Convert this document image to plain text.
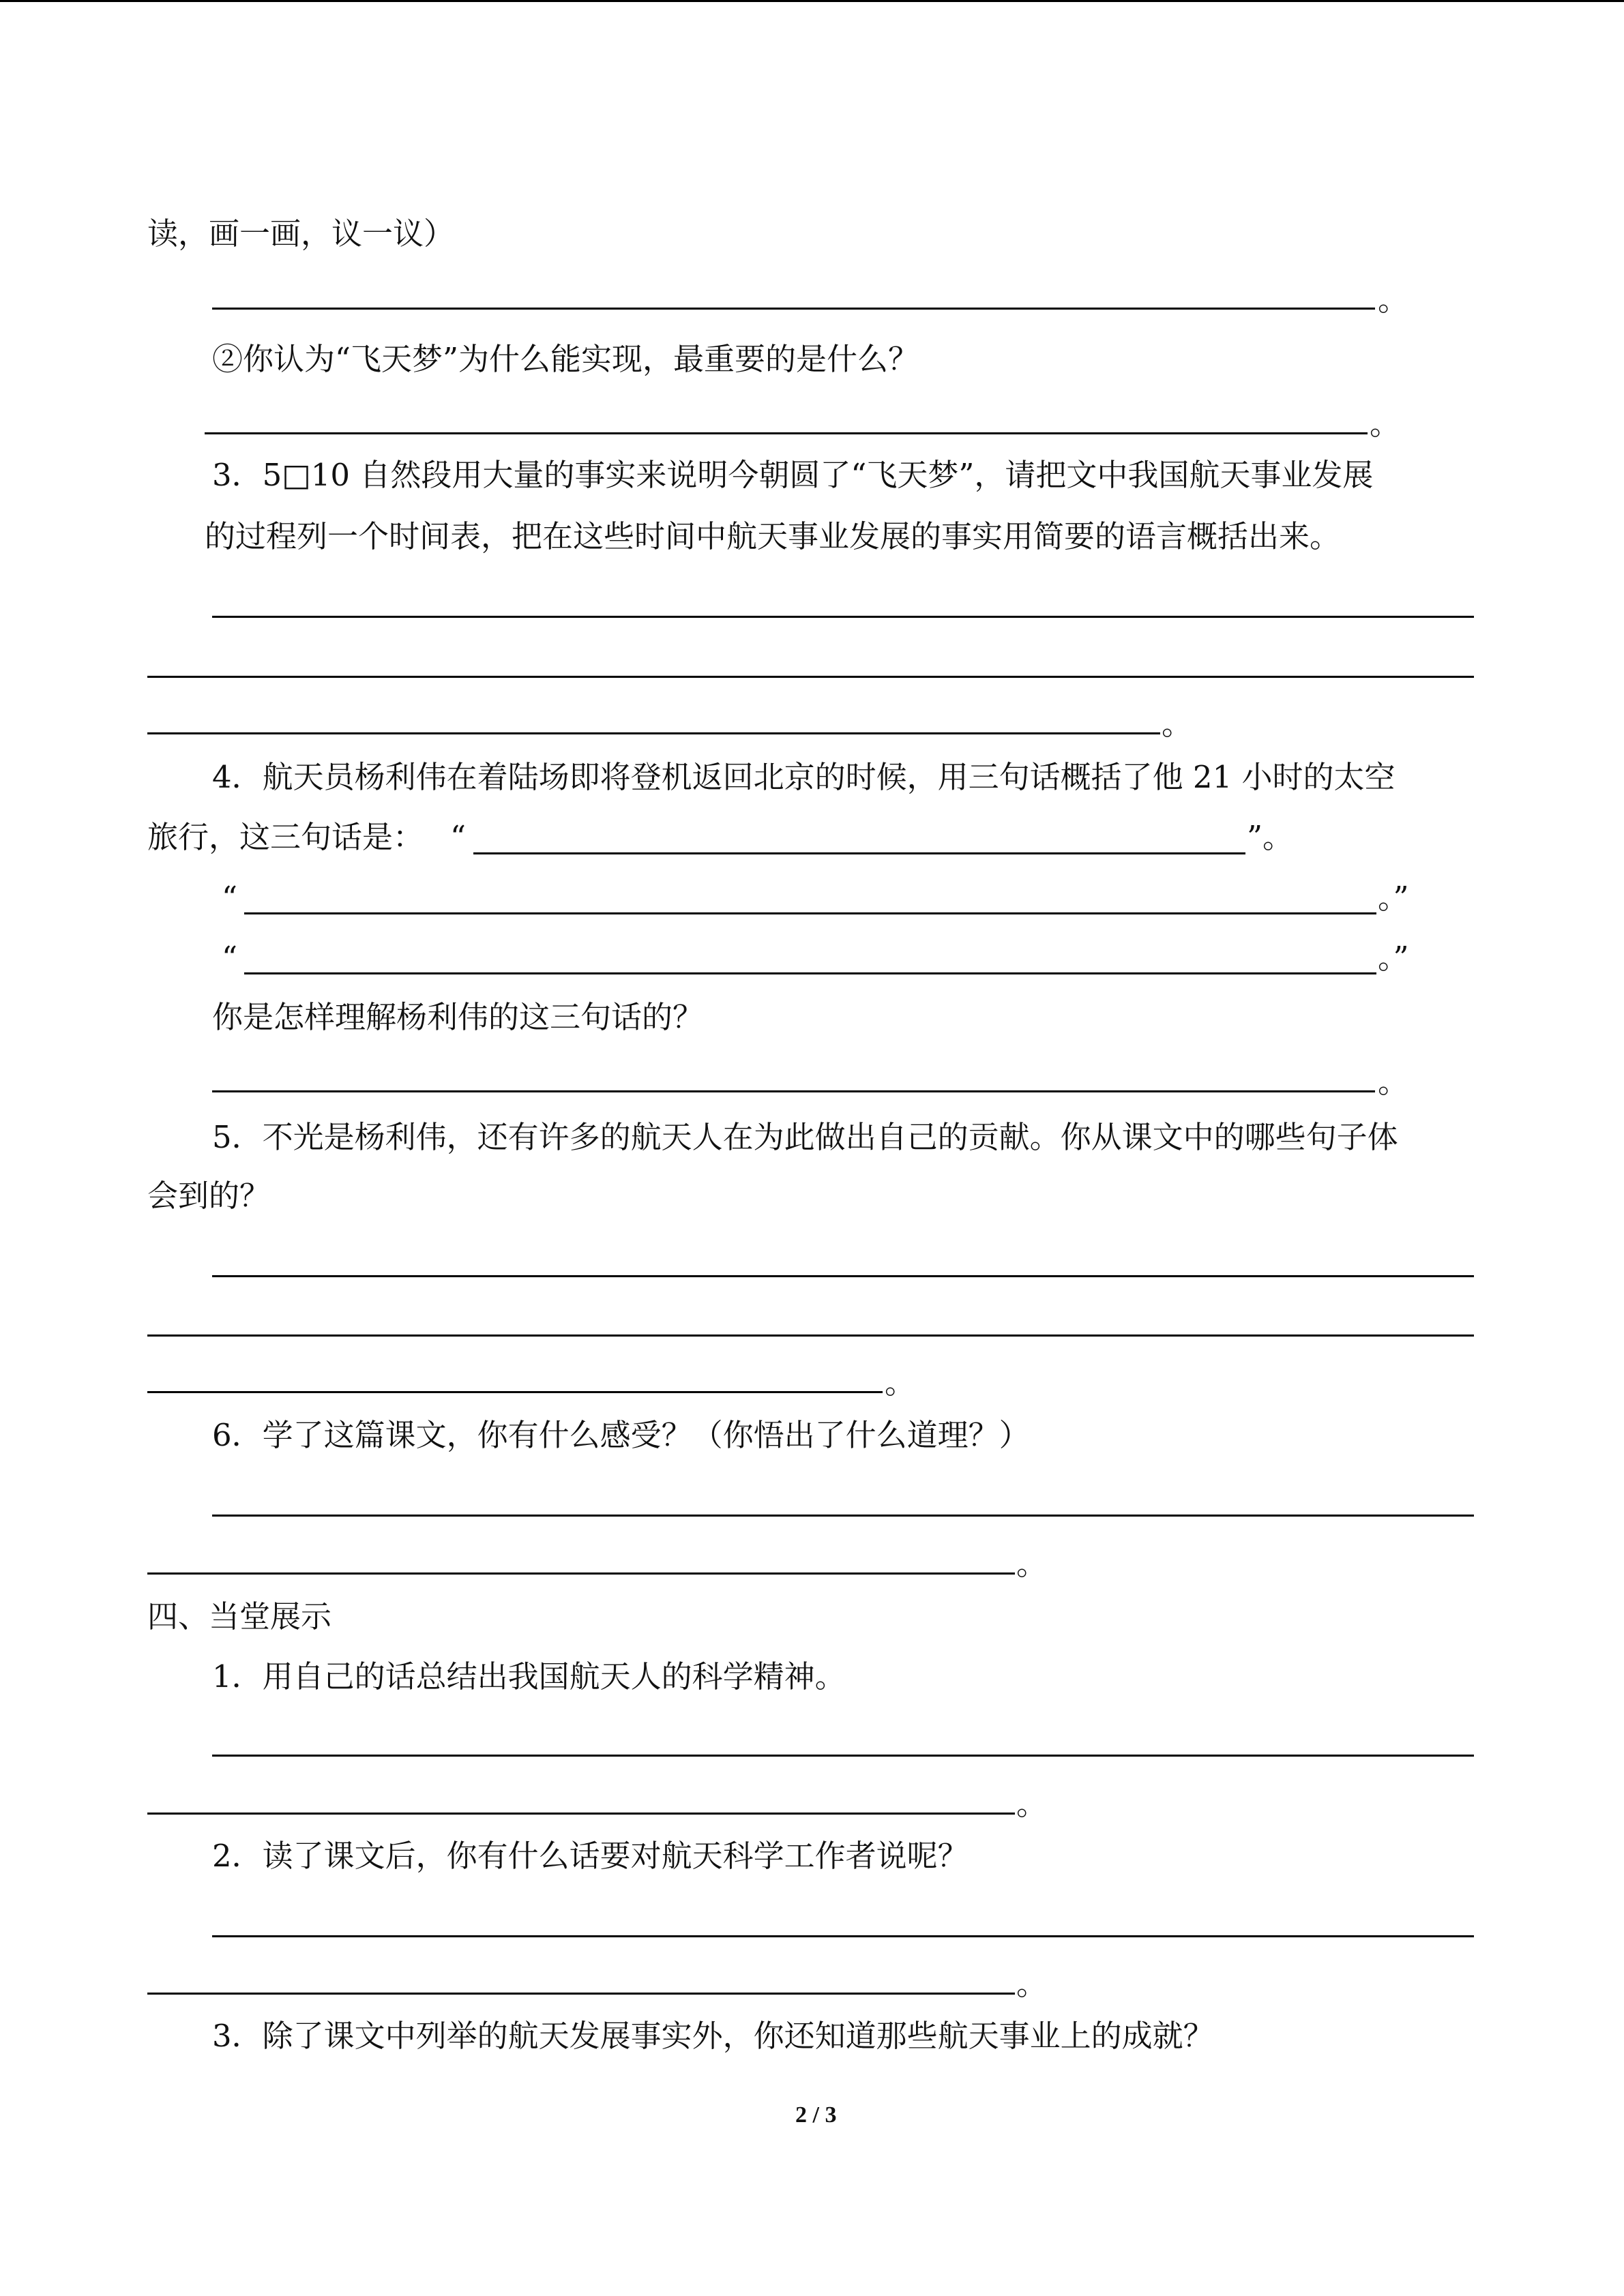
读，画一画，议一议）
。
②你认为“飞天梦”为什么能实现，最重要的是什么？
。
3．5□10 自然段用大量的事实来说明今朝圆了“飞天梦”，请把文中我国航天事业发展
的过程列一个时间表，把在这些时间中航天事业发展的事实用简要的语言概括出来。
。
4．航天员杨利伟在着陆场即将登机返回北京的时候，用三句话概括了他 21 小时的太空
旅行，这三句话是： “	”。
“	。”
“	。”
你是怎样理解杨利伟的这三句话的？
。
5．不光是杨利伟，还有许多的航天人在为此做出自己的贡献。你从课文中的哪些句子体
会到的？
。
6．学了这篇课文，你有什么感受？（你悟出了什么道理？）
。
四、当堂展示
1．用自己的话总结出我国航天人的科学精神。
。
2．读了课文后，你有什么话要对航天科学工作者说呢？
。
3．除了课文中列举的航天发展事实外，你还知道那些航天事业上的成就？
2 / 3
